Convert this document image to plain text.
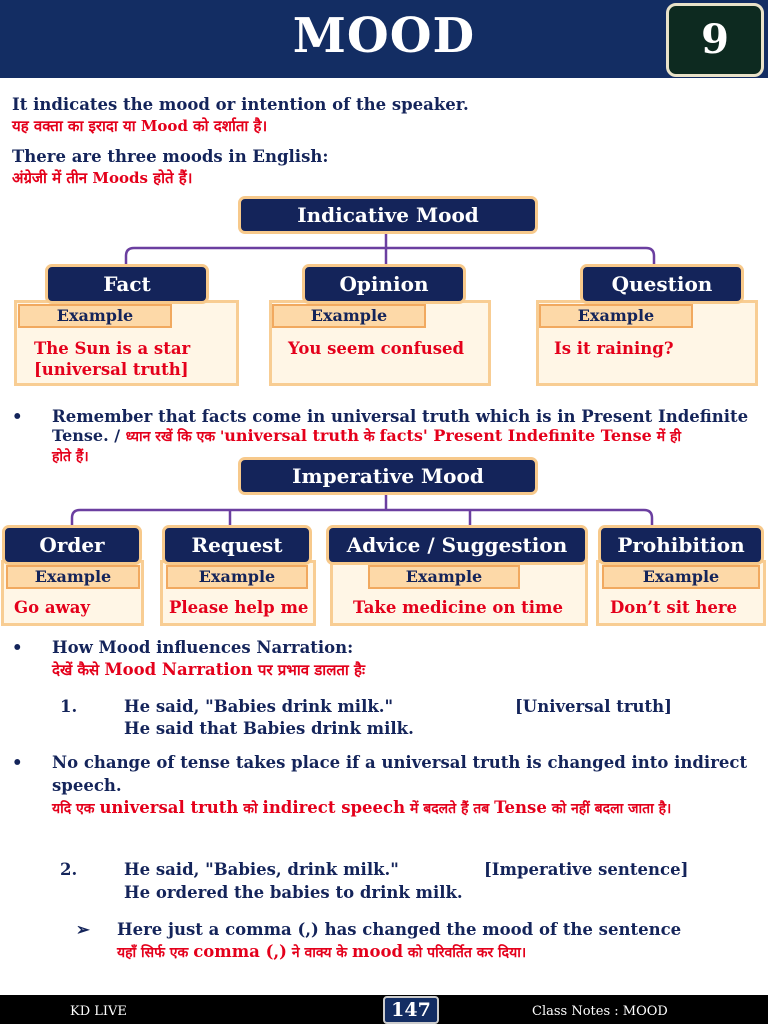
MOOD	9
It indicates the mood or intention of the speaker.
यह वक्ता का इरादा या Mood को दर्शाता है।
There are three moods in English:
अंग्रेजी में तीन Moods होते हैं।
Indicative Mood
Fact
Example
The Sun is a star
[universal truth]
Opinion
Example
You seem confused
Question
Example
Is it raining?
• Remember that facts come in universal truth which is in Present Indefinite
Tense. / ध्यान रखें कि एक 'universal truth के facts' Present Indefinite Tense में ही
होते हैं।
Imperative Mood
Order
Example
Go away
Request
Example
Please help me
Advice / Suggestion
Example
Take medicine on time
Prohibition
Example
Don’t sit here
• How Mood influences Narration:
देखें कैसे Mood Narration पर प्रभाव डालता हैः
1.	He said, "Babies drink milk."	[Universal truth]
He said that Babies drink milk.
• No change of tense takes place if a universal truth is changed into indirect
speech.
यदि एक universal truth को indirect speech में बदलते हैं तब Tense को नहीं बदला जाता है।
2.	He said, "Babies, drink milk."	[Imperative sentence]
He ordered the babies to drink milk.
➢ Here just a comma (,) has changed the mood of the sentence
यहाँ सिर्फ एक comma (,) ने वाक्य के mood को परिवर्तित कर दिया।
KD LIVE	147	Class Notes : MOOD
